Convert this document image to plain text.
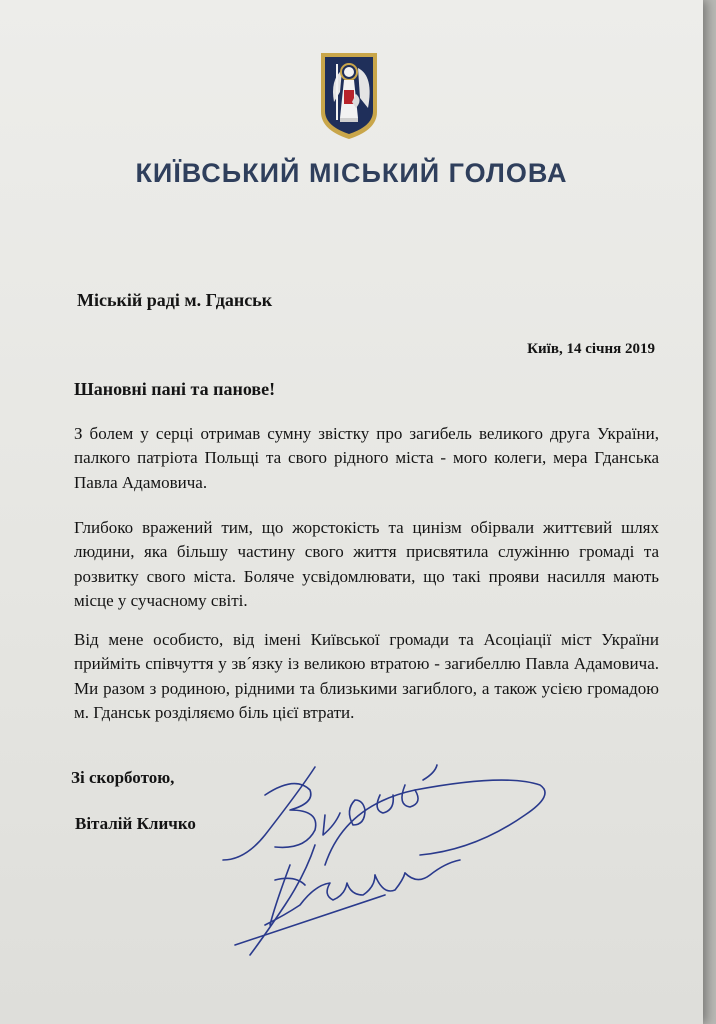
КИЇВСЬКИЙ МІСЬКИЙ ГОЛОВА
Міській раді м. Гданськ
Київ, 14 січня 2019
Шановні пані та панове!
З болем у серці отримав сумну звістку про загибель великого друга України, палкого патріота Польщі та свого рідного міста - мого колеги, мера Гданська Павла Адамовича.
Глибоко вражений тим, що жорстокість та цинізм обірвали життєвий шлях людини, яка більшу частину свого життя присвятила служінню громаді та розвитку свого міста. Боляче усвідомлювати, що такі прояви насилля мають місце у сучасному світі.
Від мене особисто, від імені Київської громади та Асоціації міст України прийміть співчуття у зв´язку із великою втратою - загибеллю Павла Адамовича. Ми разом з родиною, рідними та близькими загиблого, а також усією громадою м. Гданськ розділяємо біль цієї втрати.
Зі скорботою,
Віталій Кличко
